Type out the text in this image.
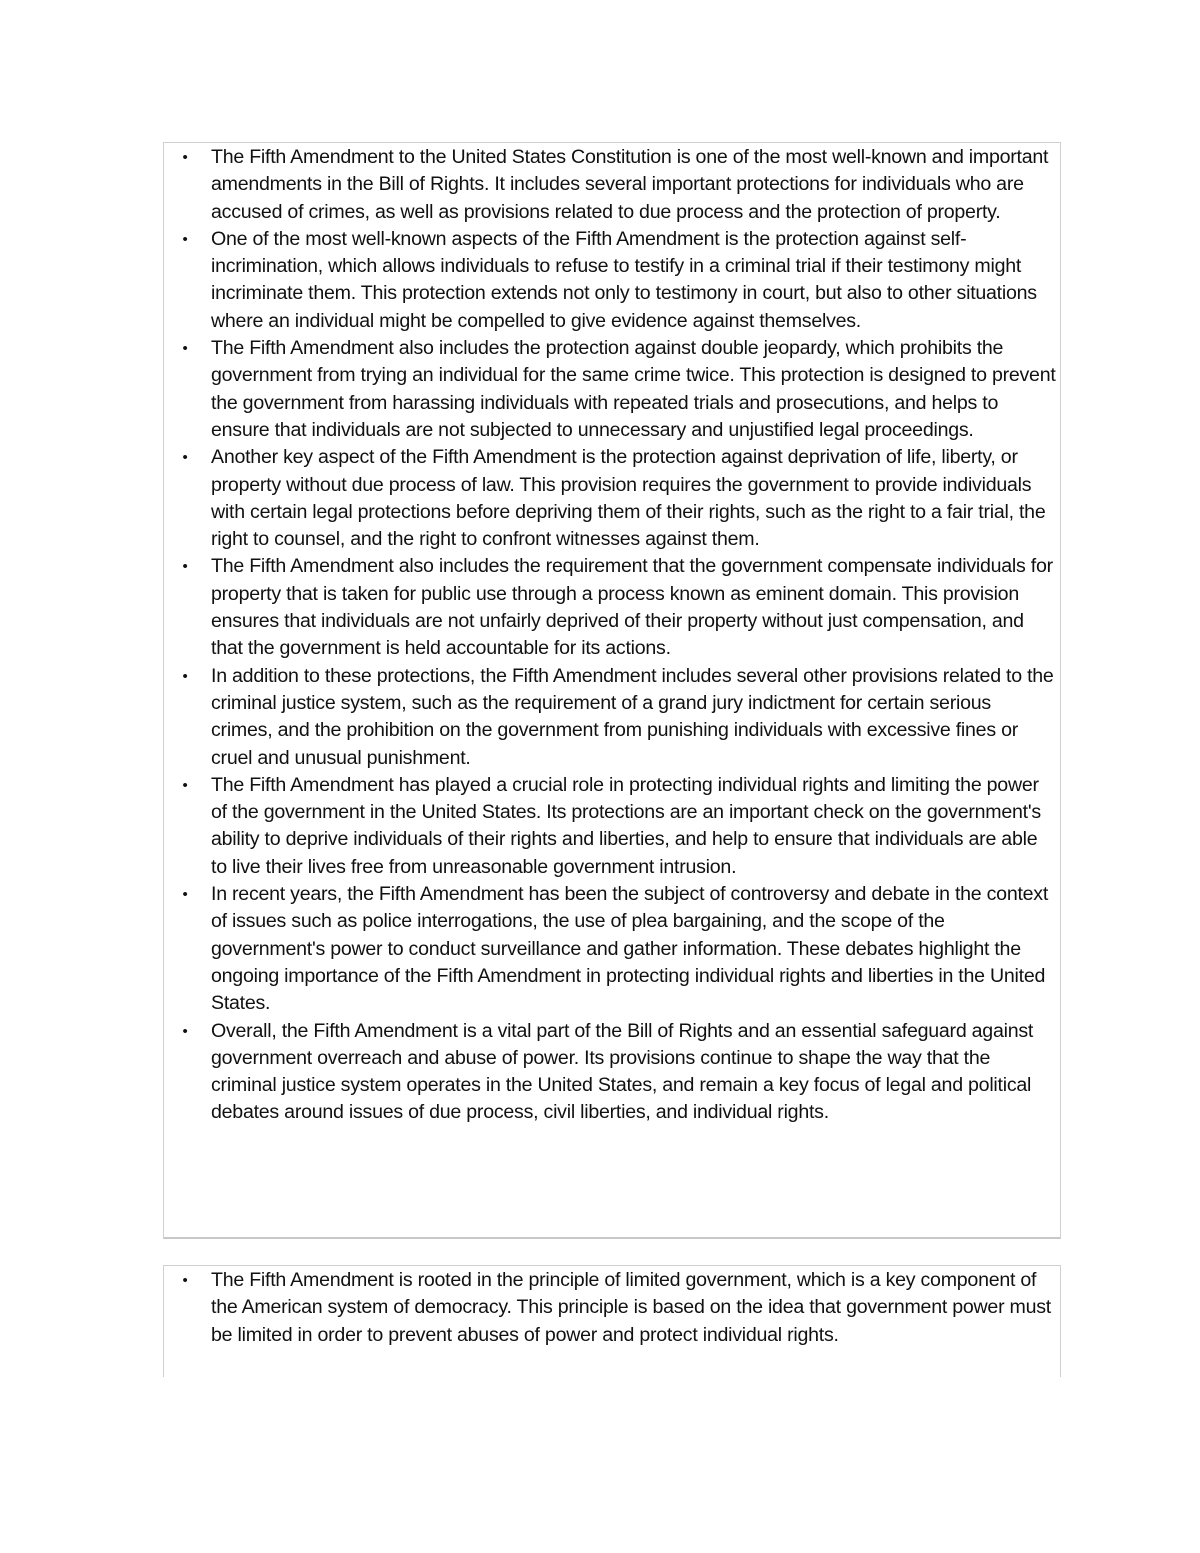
•	The Fifth Amendment to the United States Constitution is one of the most well-known and important amendments in the Bill of Rights. It includes several important protections for individuals who are accused of crimes, as well as provisions related to due process and the protection of property.
•	One of the most well-known aspects of the Fifth Amendment is the protection against self-incrimination, which allows individuals to refuse to testify in a criminal trial if their testimony might incriminate them. This protection extends not only to testimony in court, but also to other situations where an individual might be compelled to give evidence against themselves.
•	The Fifth Amendment also includes the protection against double jeopardy, which prohibits the government from trying an individual for the same crime twice. This protection is designed to prevent the government from harassing individuals with repeated trials and prosecutions, and helps to ensure that individuals are not subjected to unnecessary and unjustified legal proceedings.
•	Another key aspect of the Fifth Amendment is the protection against deprivation of life, liberty, or property without due process of law. This provision requires the government to provide individuals with certain legal protections before depriving them of their rights, such as the right to a fair trial, the right to counsel, and the right to confront witnesses against them.
•	The Fifth Amendment also includes the requirement that the government compensate individuals for property that is taken for public use through a process known as eminent domain. This provision ensures that individuals are not unfairly deprived of their property without just compensation, and that the government is held accountable for its actions.
•	In addition to these protections, the Fifth Amendment includes several other provisions related to the criminal justice system, such as the requirement of a grand jury indictment for certain serious crimes, and the prohibition on the government from punishing individuals with excessive fines or cruel and unusual punishment.
•	The Fifth Amendment has played a crucial role in protecting individual rights and limiting the power of the government in the United States. Its protections are an important check on the government's ability to deprive individuals of their rights and liberties, and help to ensure that individuals are able to live their lives free from unreasonable government intrusion.
•	In recent years, the Fifth Amendment has been the subject of controversy and debate in the context of issues such as police interrogations, the use of plea bargaining, and the scope of the government's power to conduct surveillance and gather information. These debates highlight the ongoing importance of the Fifth Amendment in protecting individual rights and liberties in the United States.
•	Overall, the Fifth Amendment is a vital part of the Bill of Rights and an essential safeguard against government overreach and abuse of power. Its provisions continue to shape the way that the criminal justice system operates in the United States, and remain a key focus of legal and political debates around issues of due process, civil liberties, and individual rights.
•	The Fifth Amendment is rooted in the principle of limited government, which is a key component of the American system of democracy. This principle is based on the idea that government power must be limited in order to prevent abuses of power and protect individual rights.
